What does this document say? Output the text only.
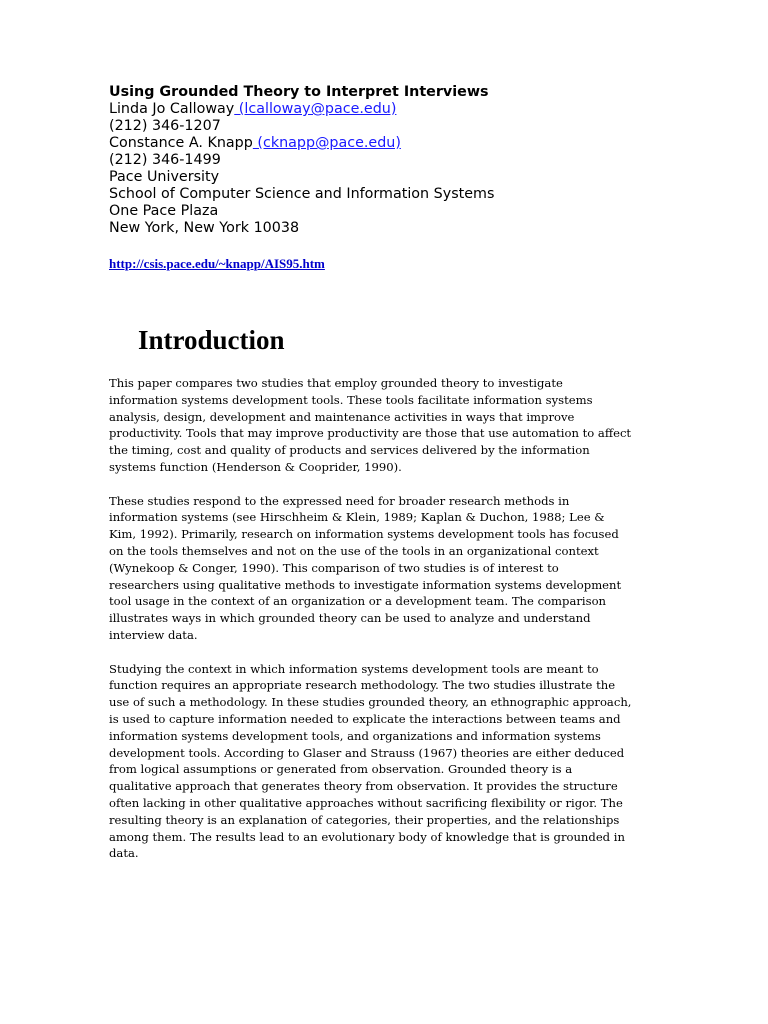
Using Grounded Theory to Interpret Interviews
Linda Jo Calloway (lcalloway@pace.edu)
(212) 346-1207
Constance A. Knapp (cknapp@pace.edu)
(212) 346-1499
Pace University
School of Computer Science and Information Systems
One Pace Plaza
New York, New York 10038
http://csis.pace.edu/~knapp/AIS95.htm
Introduction

This paper compares two studies that employ grounded theory to investigate
information systems development tools. These tools facilitate information systems
analysis, design, development and maintenance activities in ways that improve
productivity. Tools that may improve productivity are those that use automation to affect
the timing, cost and quality of products and services delivered by the information
systems function (Henderson & Cooprider, 1990).

These studies respond to the expressed need for broader research methods in
information systems (see Hirschheim & Klein, 1989; Kaplan & Duchon, 1988; Lee &
Kim, 1992). Primarily, research on information systems development tools has focused
on the tools themselves and not on the use of the tools in an organizational context
(Wynekoop & Conger, 1990). This comparison of two studies is of interest to
researchers using qualitative methods to investigate information systems development
tool usage in the context of an organization or a development team. The comparison
illustrates ways in which grounded theory can be used to analyze and understand
interview data.

Studying the context in which information systems development tools are meant to
function requires an appropriate research methodology. The two studies illustrate the
use of such a methodology. In these studies grounded theory, an ethnographic approach,
is used to capture information needed to explicate the interactions between teams and
information systems development tools, and organizations and information systems
development tools. According to Glaser and Strauss (1967) theories are either deduced
from logical assumptions or generated from observation. Grounded theory is a
qualitative approach that generates theory from observation. It provides the structure
often lacking in other qualitative approaches without sacrificing flexibility or rigor. The
resulting theory is an explanation of categories, their properties, and the relationships
among them. The results lead to an evolutionary body of knowledge that is grounded in
data.
